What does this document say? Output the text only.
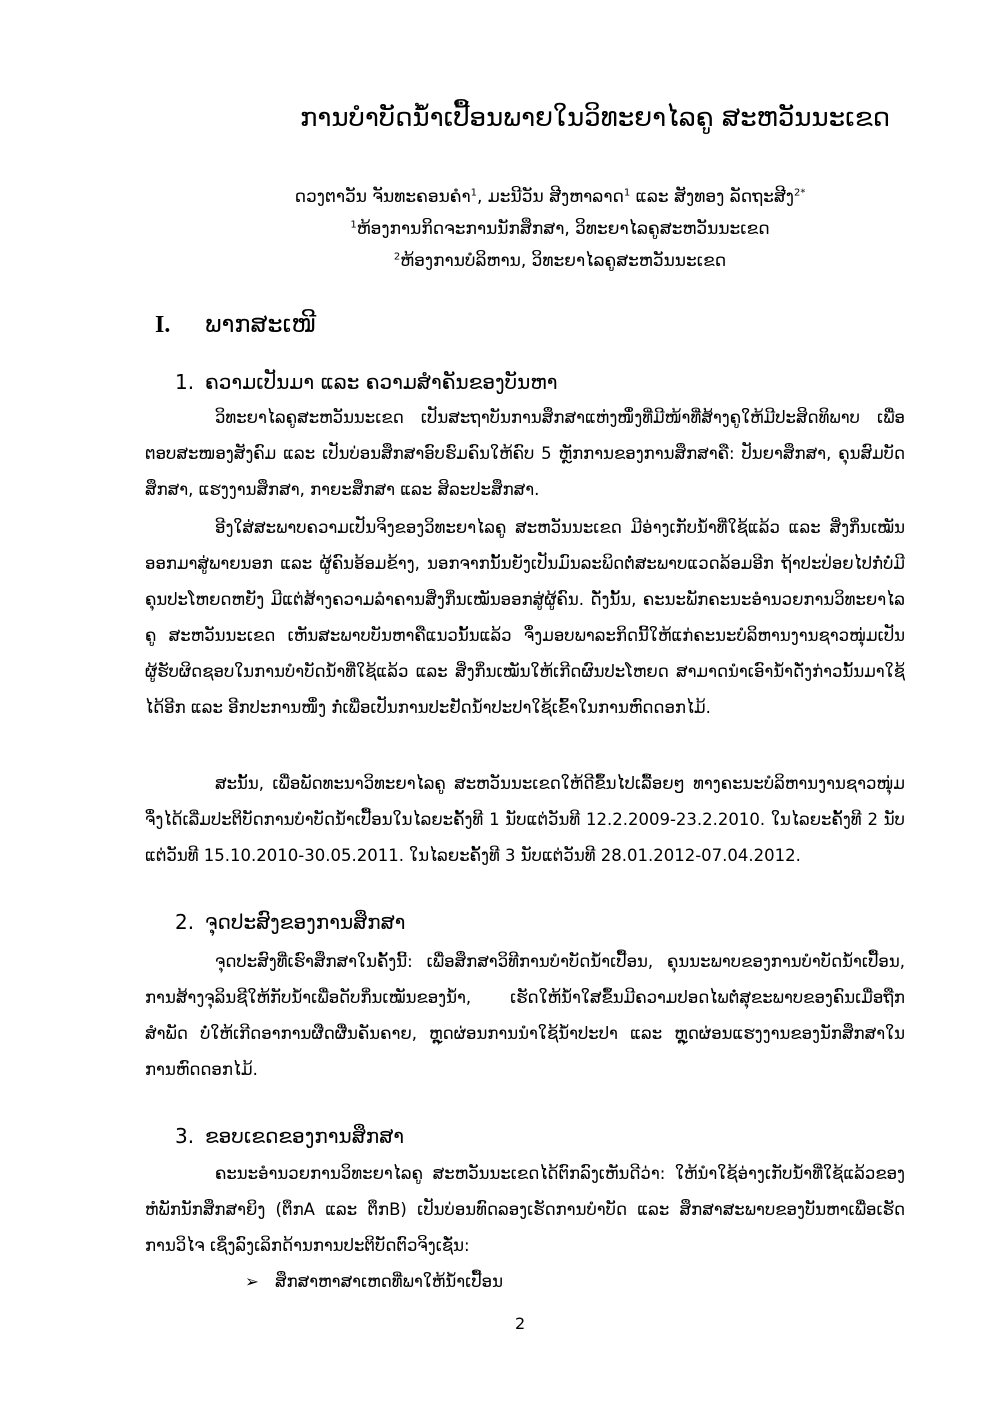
ການບຳບັດນ້ຳເປື້ອນພາຍໃນວິທະຍາໄລຄູ ສະຫວັນນະເຂດ
ດວງຕາວັນ ຈັນທະຄອນຄຳ$^1$, ມະນີວັນ ສີງຫາລາດ$^1$ ແລະ ສັງທອງ ລັດຖະສີງ$^{2*}$
$^1$ຫ້ອງການກິດຈະການນັກສຶກສາ, ວິທະຍາໄລຄູສະຫວັນນະເຂດ
$^2$ຫ້ອງການບໍລິຫານ, ວິທະຍາໄລຄູສະຫວັນນະເຂດ
I. ພາກສະເໜີ
1. ຄວາມເປັນມາ ແລະ ຄວາມສຳຄັນຂອງບັນຫາ
ວິທະຍາໄລຄູສະຫວັນນະເຂດ ເປັນສະຖາບັນການສຶກສາແຫ່ງໜຶ່ງທີ່ມີໜ້າທີ່ສ້າງຄູໃຫ້ມີປະສິດທິພາບ ເພື່ອຕອບສະໜອງສັງຄົມ ແລະ ເປັນບ່ອນສຶກສາອົບຮົມຄົນໃຫ້ຄົບ 5 ຫຼັກການຂອງການສຶກສາຄື: ປັນຍາສຶກສາ, ຄຸນສົມບັດສຶກສາ, ແຮງງານສຶກສາ, ກາຍະສຶກສາ ແລະ ສິລະປະສຶກສາ.
ອີງໃສ່ສະພາບຄວາມເປັນຈິງຂອງວິທະຍາໄລຄູ ສະຫວັນນະເຂດ ມີອ່າງເກັບນ້ຳທີ່ໃຊ້ແລ້ວ ແລະ ສິ່ງກິ່ນເໝັນອອກມາສູ່ພາຍນອກ ແລະ ຜູ້ຄົນອ້ອມຂ້າງ, ນອກຈາກນັ້ນຍັງເປັນມົນລະພິດຕໍ່ສະພາບແວດລ້ອມອີກ ຖ້າປະປ່ອຍໄປກໍ່ບໍ່ມີຄຸນປະໂຫຍດຫຍັງ ມີແຕ່ສ້າງຄວາມລຳຄານສິ່ງກິ່ນເໝັນອອກສູ່ຜູ້ຄົນ. ດັ່ງນັ້ນ, ຄະນະພັກຄະນະອຳນວຍການວິທະຍາໄລຄູ ສະຫວັນນະເຂດ ເຫັນສະພາບບັນຫາຄືແນວນັ້ນແລ້ວ ຈຶ່ງມອບພາລະກິດນີ້ໃຫ້ແກ່ຄະນະບໍລິຫານງານຊາວໜຸ່ມເປັນຜູ້ຮັບຜິດຊອບໃນການບຳບັດນ້ຳທີ່ໃຊ້ແລ້ວ ແລະ ສິ່ງກິ່ນເໝັນໃຫ້ເກີດຜົນປະໂຫຍດ ສາມາດນຳເອົານ້ຳດັ່ງກ່າວນັ້ນມາໃຊ້ໄດ້ອີກ ແລະ ອີກປະການໜຶ່ງ ກໍ່ເພື່ອເປັນການປະຢັດນ້ຳປະປາໃຊ້ເຂົ້າໃນການຫົດດອກໄມ້.
ສະນັ້ນ, ເພື່ອພັດທະນາວິທະຍາໄລຄູ ສະຫວັນນະເຂດໃຫ້ດີຂຶ້ນໄປເລື້ອຍໆ ທາງຄະນະບໍລິຫານງານຊາວໜຸ່ມຈຶ່ງໄດ້ເລີ່ມປະຕິບັດການບຳບັດນ້ຳເປື້ອນໃນໄລຍະຄັ້ງທີ 1 ນັບແຕ່ວັນທີ 12.2.2009-23.2.2010. ໃນໄລຍະຄັ້ງທີ 2 ນັບແຕ່ວັນທີ 15.10.2010-30.05.2011. ໃນໄລຍະຄັ້ງທີ 3 ນັບແຕ່ວັນທີ 28.01.2012-07.04.2012.
2. ຈຸດປະສົງຂອງການສຶກສາ
ຈຸດປະສົງທີ່ເຮົາສຶກສາໃນຄັ້ງນີ້: ເພື່ອສຶກສາວິທີການບຳບັດນ້ຳເປື້ອນ, ຄຸນນະພາບຂອງການບຳບັດນ້ຳເປື້ອນ, ການສ້າງຈຸລິນຊີໃຫ້ກັບນ້ຳເພື່ອດັບກິ່ນເໝັນຂອງນ້ຳ, ເຮັດໃຫ້ນ້ຳໃສຂຶ້ນມີຄວາມປອດໄພຕໍ່ສຸຂະພາບຂອງຄົນເມື່ອຖືກສຳພັດ ບໍ່ໃຫ້ເກີດອາການຜືດຜື່ນຄັນຄາຍ, ຫຼຸດຜ່ອນການນຳໃຊ້ນ້ຳປະປາ ແລະ ຫຼຸດຜ່ອນແຮງງານຂອງນັກສຶກສາໃນການຫົດດອກໄມ້.
3. ຂອບເຂດຂອງການສຶກສາ
ຄະນະອຳນວຍການວິທະຍາໄລຄູ ສະຫວັນນະເຂດໄດ້ຕົກລົງເຫັນດີວ່າ: ໃຫ້ນຳໃຊ້ອ່າງເກັບນ້ຳທີ່ໃຊ້ແລ້ວຂອງຫໍພັກນັກສຶກສາຍິງ (ຕຶກA ແລະ ຕຶກB) ເປັນບ່ອນທົດລອງເຮັດການບຳບັດ ແລະ ສຶກສາສະພາບຂອງບັນຫາເພື່ອເຮັດການວິໄຈ ເຊິ່ງລົງເລິກດ້ານການປະຕິບັດຕົວຈິງເຊັ່ນ:
➢ ສຶກສາຫາສາເຫດທີ່ພາໃຫ້ນ້ຳເປື້ອນ
2
